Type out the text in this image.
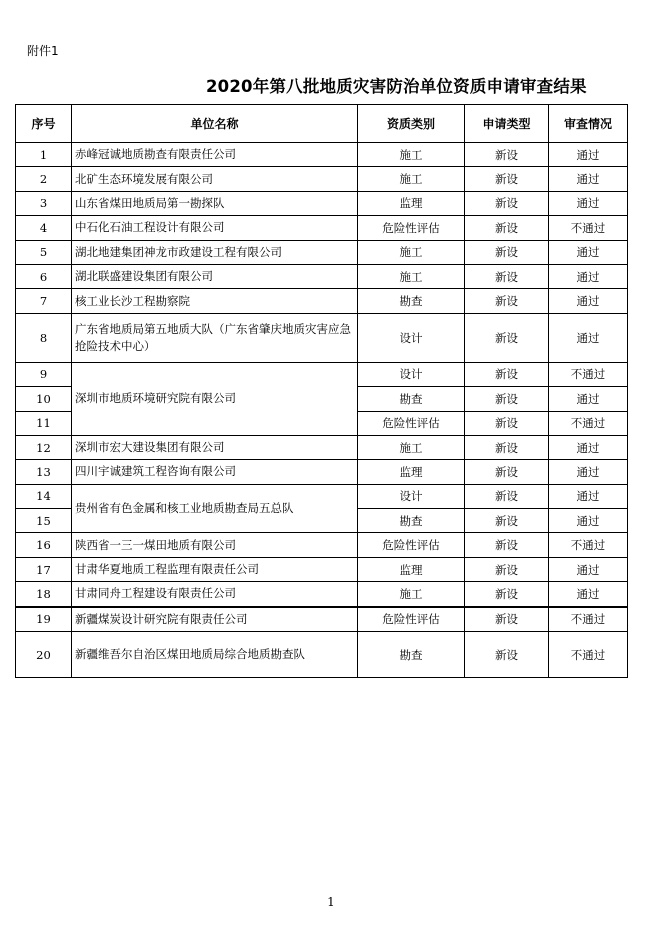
附件1
2020年第八批地质灾害防治单位资质申请审查结果
序号	单位名称	资质类别	申请类型	审查情况
1	赤峰冠诚地质勘查有限责任公司	施工	新设	通过
2	北矿生态环境发展有限公司	施工	新设	通过
3	山东省煤田地质局第一勘探队	监理	新设	通过
4	中石化石油工程设计有限公司	危险性评估	新设	不通过
5	湖北地建集团神龙市政建设工程有限公司	施工	新设	通过
6	湖北联盛建设集团有限公司	施工	新设	通过
7	核工业长沙工程勘察院	勘查	新设	通过
8	广东省地质局第五地质大队（广东省肇庆地质灾害应急抢险技术中心）	设计	新设	通过
9	深圳市地质环境研究院有限公司	设计	新设	不通过
10		勘查	新设	通过
11		危险性评估	新设	不通过
12	深圳市宏大建设集团有限公司	施工	新设	通过
13	四川宇诚建筑工程咨询有限公司	监理	新设	通过
14	贵州省有色金属和核工业地质勘查局五总队	设计	新设	通过
15		勘查	新设	通过
16	陕西省一三一煤田地质有限公司	危险性评估	新设	不通过
17	甘肃华夏地质工程监理有限责任公司	监理	新设	通过
18	甘肃同舟工程建设有限责任公司	施工	新设	通过
19	新疆煤炭设计研究院有限责任公司	危险性评估	新设	不通过
20	新疆维吾尔自治区煤田地质局综合地质勘查队	勘查	新设	不通过
1
